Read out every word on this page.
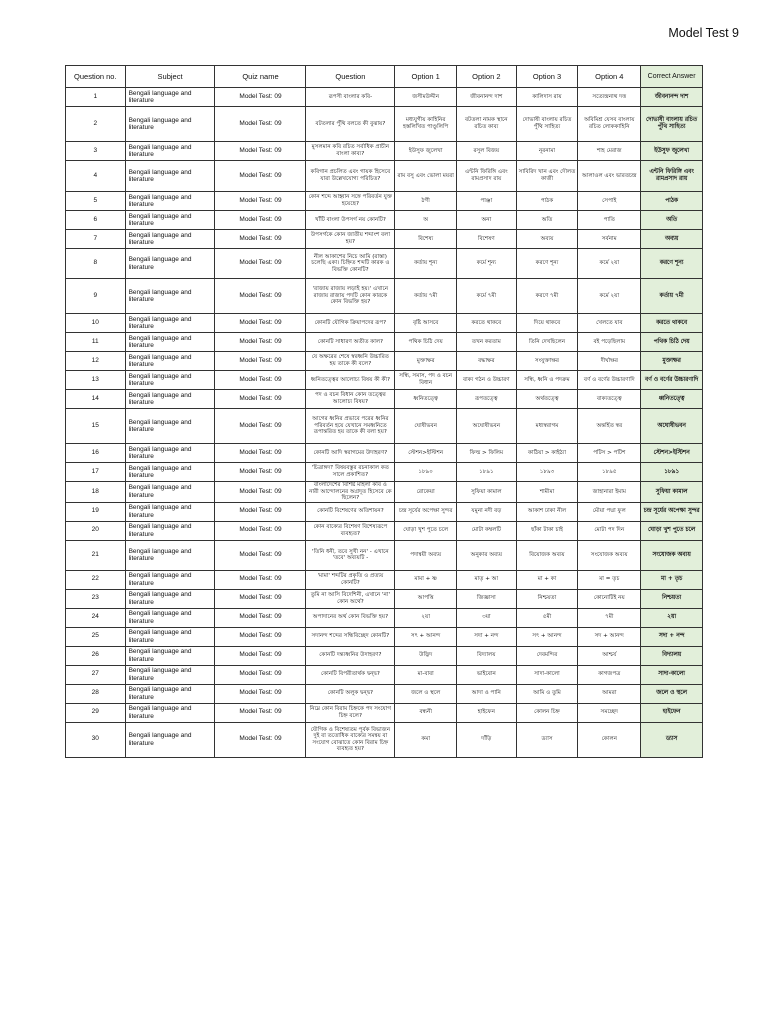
Model Test 9
Question no.	Subject	Quiz name	Question	Option 1	Option 2	Option 3	Option 4	Correct Answer
1	Bengali language and literature	Model Test: 09	রূপসী বাংলার কবি-	জসীমউদ্দীন	জীবনানন্দ দাশ	কালিদাস রায়	সত্যেন্দ্রনাথ দত্ত	জীবনানন্দ দাশ
2	Bengali language and literature	Model Test: 09	বটতলার পুঁথি বলতে কী বুঝায়?	মধ্যযুগীয় কাহিনির হস্তলিখিত পাণ্ডুলিপি	বটতলা নামক স্থানে রচিত কাব্য	দোভাষী বাংলায় রচিত পুঁথি সাহিত্য	অবিমিশ্র যেসব বাংলায় রচিত লোককাহিনি	দোভাষী বাংলায় রচিত পুঁথি সাহিত্য
3	Bengali language and literature	Model Test: 09	মুসলমান কবি রচিত সর্বাধিক প্রাচীন বাংলা কাব্য?	ইউসুফ জুলেখা	রসুল বিজয়	নূরনামা	শাহ মেরাজ	ইউসুফ জুলেখা
4	Bengali language and literature	Model Test: 09	কবিগান প্রচলিত এবং গায়ক হিসেবে যারা উল্লেখযোগ্য পরিচিত?	রাম বসু এবং ভোলা ময়রা	এন্টনি ফিরিঙ্গি এবং রামপ্রসাদ রায়	সাবিরিদ খান এবং দৌলত কাজী	আলাওল এবং ভারতচন্দ্র	এন্টনি ফিরিঙ্গি এবং রামপ্রসাদ রায়
5	Bengali language and literature	Model Test: 09	কোন শব্দে আহ্বান সঙ্গে পরিবর্তন যুক্ত হয়েছে?	ঠগী	পাঞ্জা	পাঠক	সেপাই	পাঠক
6	Bengali language and literature	Model Test: 09	খাঁটি বাংলা উপসর্গ নয় কোনটি?	অ	অনা	অতি	পাতি	অতি
7	Bengali language and literature	Model Test: 09	উপসর্গকে কোন জাতীয় শব্দাংশ বলা হয়?	বিশেষ্য	বিশেষণ	অব্যয়	সর্বনাম	অব্যয়
8	Bengali language and literature	Model Test: 09	নীল আকাশের নিচে আমি (রাস্তা) চলেছি একা। চিহ্নিত শব্দটি কারক ও বিভক্তি কোনটি?	কর্তায় শূন্য	কর্মে শূন্য	করণে শূন্য	কর্মে ২য়া	করণে শূন্য
9	Bengali language and literature	Model Test: 09	'রাজায় রাজায় লড়াই হয়।' এখানে রাজায় রাজায় পদটি কোন কারকে কোন বিভক্তি হয়?	কর্তায় ৭মী	কর্মে ৭মী	করণে ৭মী	কর্মে ২য়া	কর্তায় ৭মী
10	Bengali language and literature	Model Test: 09	কোনটি যৌগিক ক্রিয়াপদের রূপ?	বৃষ্টি আসবে	করতে থাকবে	দিয়ে থাকবে	খেলতে যাব	করতে থাকবে
11	Bengali language and literature	Model Test: 09	কোনটি সাধারণ অতীত কাল?	পথিক চিঠি দেয়	তখন করতাম	তিনি দেখছিলেন	বই পড়েছিলাম	পথিক চিঠি দেয়
12	Bengali language and literature	Model Test: 09	যে অক্ষরের শেষে স্বরধ্বনি উচ্চারিত হয় তাকে কী বলে?	মুক্তাক্ষর	বদ্ধাক্ষর	সংযুক্তাক্ষর	দীর্ঘাক্ষর	মুক্তাক্ষর
13	Bengali language and literature	Model Test: 09	ধ্বনিতত্ত্বের আলোচ্য বিষয় কী কী?	সন্ধি, সমাস, পদ ও বচন বিধান	বাক্য গঠন ও উচ্চারণ	সন্ধি, ধ্বনি ও পদক্রম	বর্ণ ও বর্ণের উচ্চারণাদি	বর্ণ ও বর্ণের উচ্চারণাদি
14	Bengali language and literature	Model Test: 09	পদ ও বচন বিধান কোন তত্ত্বের আলোচ্য বিষয়?	ধ্বনিতত্ত্বে	রূপতত্ত্বে	অর্থতত্ত্বে	বাক্যতত্ত্বে	ধ্বনিতত্ত্বে
15	Bengali language and literature	Model Test: 09	আগের ধ্বনির প্রভাবে পরের ধ্বনির পরিবর্তন হয়ে যেখানে সমধ্বনিতে রূপান্তরিত হয় তাকে কী বলা হয়?	ঘোষীভবন	অঘোষীভবন	মধ্যস্বরাগম	অন্তর্হিত স্বর	অঘোষীভবন
16	Bengali language and literature	Model Test: 09	কোনটি আদি স্বরাগমের উদাহরণ?	স্টেশন>ইস্টিশন	ফিল্ম > ফিলিম	কাঠিয়া > কাইঠ্যা	পটিস > পটিশ	স্টেশন>ইস্টিশন
17	Bengali language and literature	Model Test: 09	'চিত্রাঙ্গদা' বিষয়বস্তুর রচনাকাল কত সালে প্রকাশিত?	১৮৯০	১৮৯১	১৮৯৩	১৮৯৫	১৮৯১
18	Bengali language and literature	Model Test: 09	বাংলাদেশের বিশিষ্ট মহিলা কবি ও নারী আন্দোলনের অগ্রদূত হিসেবে কে ছিলেন?	রোকেয়া	সুফিয়া কামাল	শামীমা	জাহানারা ইমাম	সুফিয়া কামাল
19	Bengali language and literature	Model Test: 09	কোনটি বিশেষণের অতিশায়ন?	চন্দ্র সূর্যের অপেক্ষা সুন্দর	যমুনা নদী বড়	আকাশ ঢাকা নীল	মৌয়া পদ্মা ফুল	চন্দ্র সূর্যের অপেক্ষা সুন্দর
20	Bengali language and literature	Model Test: 09	কোন বাক্যের বিশেষণ বিশেষ্যরূপে ব্যবহৃত?	ঘোড়া খুশ পুতে চলে	মোটা কম্বলটি	ছাঁকা টাকা চাই	মোটা পদ দিন	ঘোড়া খুশ পুতে চলে
21	Bengali language and literature	Model Test: 09	'তিনি ধনী, তবে সুখী নন' - এখানে 'তবে' অব্যয়টি -	পদান্বয়ী অব্যয়	অনুকার অব্যয়	বিয়োজক অব্যয়	সংযোজক অব্যয়	সংযোজক অব্যয়
22	Bengali language and literature	Model Test: 09	'মামা' শব্দটির প্রকৃতি ও প্রত্যয় কোনটি?	মামা + ষ্ণ	মাতৃ + আ	মা + কা	মা = তৃচ	মা + তৃচ
23	Bengali language and literature	Model Test: 09	তুমি না আসি বিদেশিনী, এখানে 'না' কোন অর্থে?	আপত্তি	জিজ্ঞাসা	নিশ্চয়তা	কোনোটিই নয়	নিশ্চয়তা
24	Bengali language and literature	Model Test: 09	অপাদানের অর্থ কোন বিভক্তি হয়?	২য়া	৩য়া	৫মী	৭মী	২য়া
25	Bengali language and literature	Model Test: 09	সদানন্দ শব্দের সন্ধিবিচ্ছেদ কোনটি?	সৎ + আনন্দ	সদা + নন্দ	সৎ + আনন্দ	সদ + আনন্দ	সদা + নন্দ
26	Bengali language and literature	Model Test: 09	কোনটি দন্ত্যধ্বনির উদাহরণ?	উদ্ভিদ	বিদ্যালয়	দেবমন্দির	আশ্চর্য	বিদ্যালয়
27	Bengali language and literature	Model Test: 09	কোনটি বিপরীতার্থক দ্বন্দ্ব?	মা-বাবা	ভাইবোন	সাদা-কালো	কাগজপত্র	সাদা-কালো
28	Bengali language and literature	Model Test: 09	কোনটি অলুক দ্বন্দ্ব?	জলে ও স্থলে	আদা ও পানি	আমি ও তুমি	আমরা	জলে ও স্থলে
29	Bengali language and literature	Model Test: 09	নিম্নে কোন বিরাম চিহ্নকে পদ সংযোগ চিহ্ন বলে?	বন্ধনী	হাইফেন	কোলন চিহ্ন	সমচ্ছেদ	হাইফেন
30	Bengali language and literature	Model Test: 09	যৌগিক ও বিশেষ্যতম পূর্বক বিভাজন দুই বা ততোধিক বাক্যের সমন্বয় বা সংযোগ বোঝাতে কোন বিরাম চিহ্ন ব্যবহৃত হয়?	কমা	দাঁড়ি	ড্যাস	কোলন	ড্যাস
